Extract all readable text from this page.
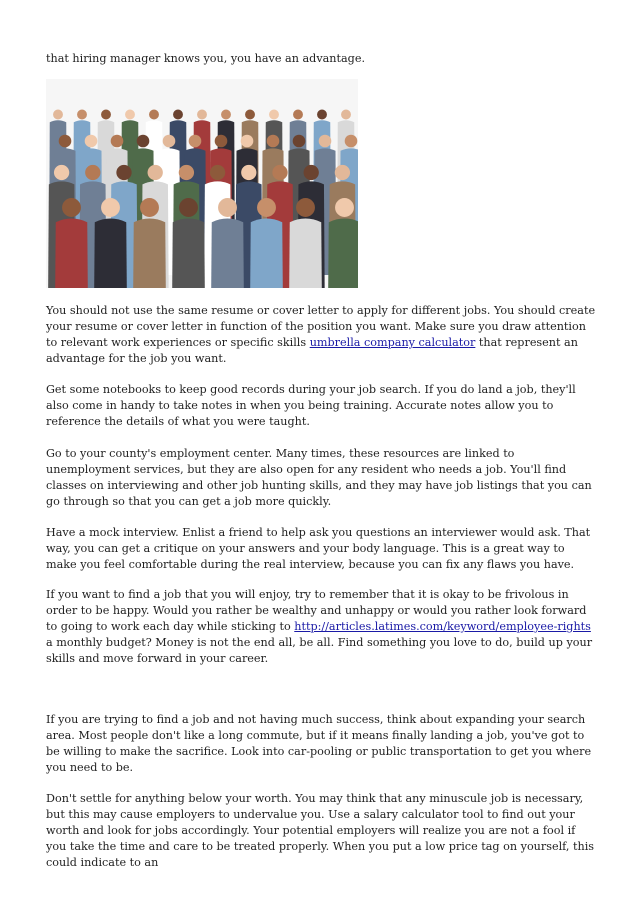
that hiring manager knows you, you have an advantage.

You should not use the same resume or cover letter to apply for different jobs. You should create your resume or cover letter in function of the position you want. Make sure you draw attention to relevant work experiences or specific skills umbrella company calculator that represent an advantage for the job you want.

Get some notebooks to keep good records during your job search. If you do land a job, they'll also come in handy to take notes in when you being training. Accurate notes allow you to reference the details of what you were taught.

Go to your county's employment center. Many times, these resources are linked to unemployment services, but they are also open for any resident who needs a job. You'll find classes on interviewing and other job hunting skills, and they may have job listings that you can go through so that you can get a job more quickly.

Have a mock interview. Enlist a friend to help ask you questions an interviewer would ask. That way, you can get a critique on your answers and your body language. This is a great way to make you feel comfortable during the real interview, because you can fix any flaws you have.

If you want to find a job that you will enjoy, try to remember that it is okay to be frivolous in order to be happy. Would you rather be wealthy and unhappy or would you rather look forward to going to work each day while sticking to http://articles.latimes.com/keyword/employee-rights a monthly budget? Money is not the end all, be all. Find something you love to do, build up your skills and move forward in your career.

If you are trying to find a job and not having much success, think about expanding your search area. Most people don't like a long commute, but if it means finally landing a job, you've got to be willing to make the sacrifice. Look into car-pooling or public transportation to get you where you need to be.

Don't settle for anything below your worth. You may think that any minuscule job is necessary, but this may cause employers to undervalue you. Use a salary calculator tool to find out your worth and look for jobs accordingly. Your potential employers will realize you are not a fool if you take the time and care to be treated properly. When you put a low price tag on yourself, this could indicate to an
